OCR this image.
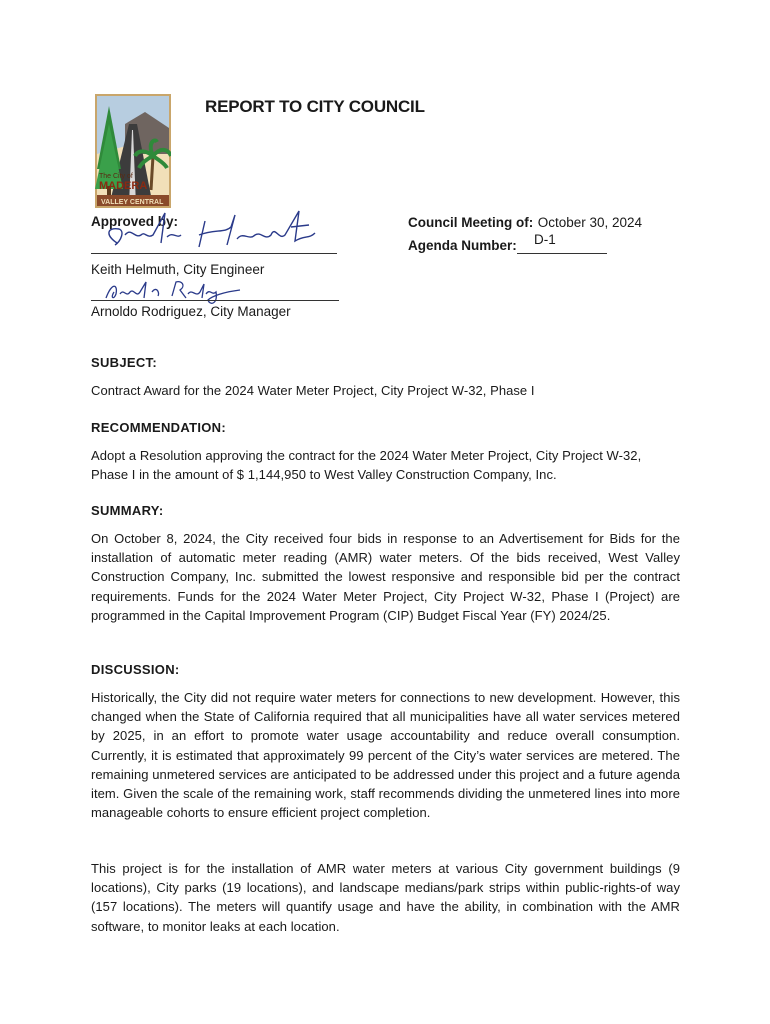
The City of
MADERA
VALLEY CENTRAL
REPORT TO CITY COUNCIL
Approved by:
Keith Helmuth, City Engineer
Arnoldo Rodriguez, City Manager
Council Meeting of: October 30, 2024
Agenda Number: D-1
SUBJECT:
Contract Award for the 2024 Water Meter Project, City Project W-32, Phase I
RECOMMENDATION:
Adopt a Resolution approving the contract for the 2024 Water Meter Project, City Project W-32, Phase I in the amount of $ 1,144,950 to West Valley Construction Company, Inc.
SUMMARY:
On October 8, 2024, the City received four bids in response to an Advertisement for Bids for the installation of automatic meter reading (AMR) water meters. Of the bids received, West Valley Construction Company, Inc. submitted the lowest responsive and responsible bid per the contract requirements. Funds for the 2024 Water Meter Project, City Project W-32, Phase I (Project) are programmed in the Capital Improvement Program (CIP) Budget Fiscal Year (FY) 2024/25.
DISCUSSION:
Historically, the City did not require water meters for connections to new development. However, this changed when the State of California required that all municipalities have all water services metered by 2025, in an effort to promote water usage accountability and reduce overall consumption. Currently, it is estimated that approximately 99 percent of the City’s water services are metered. The remaining unmetered services are anticipated to be addressed under this project and a future agenda item. Given the scale of the remaining work, staff recommends dividing the unmetered lines into more manageable cohorts to ensure efficient project completion.
This project is for the installation of AMR water meters at various City government buildings (9 locations), City parks (19 locations), and landscape medians/park strips within public-rights-of way (157 locations). The meters will quantify usage and have the ability, in combination with the AMR software, to monitor leaks at each location.
